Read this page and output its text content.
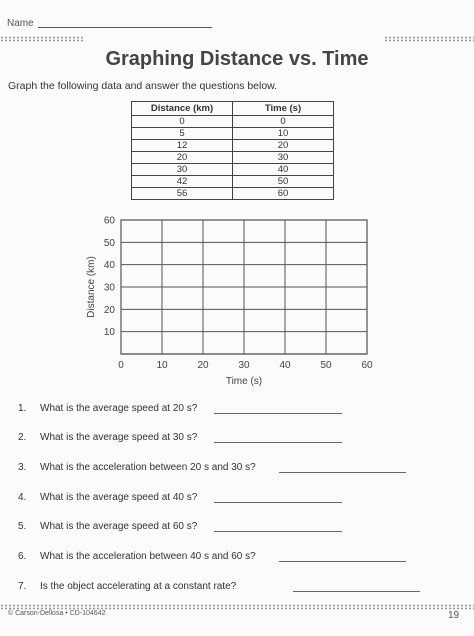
Name
Graphing Distance vs. Time
Graph the following data and answer the questions below.
Distance (km)	Time (s)
0	0
5	10
12	20
20	30
30	40
42	50
56	60
0	10	20	30	40	50	60
10
20
30
40
50
60
Time (s)
Distance (km)
1. What is the average speed at 20 s?
2. What is the average speed at 30 s?
3. What is the acceleration between 20 s and 30 s?
4. What is the average speed at 40 s?
5. What is the average speed at 60 s?
6. What is the acceleration between 40 s and 60 s?
7. Is the object accelerating at a constant rate?
© Carson-Dellosa • CD-104642	19
